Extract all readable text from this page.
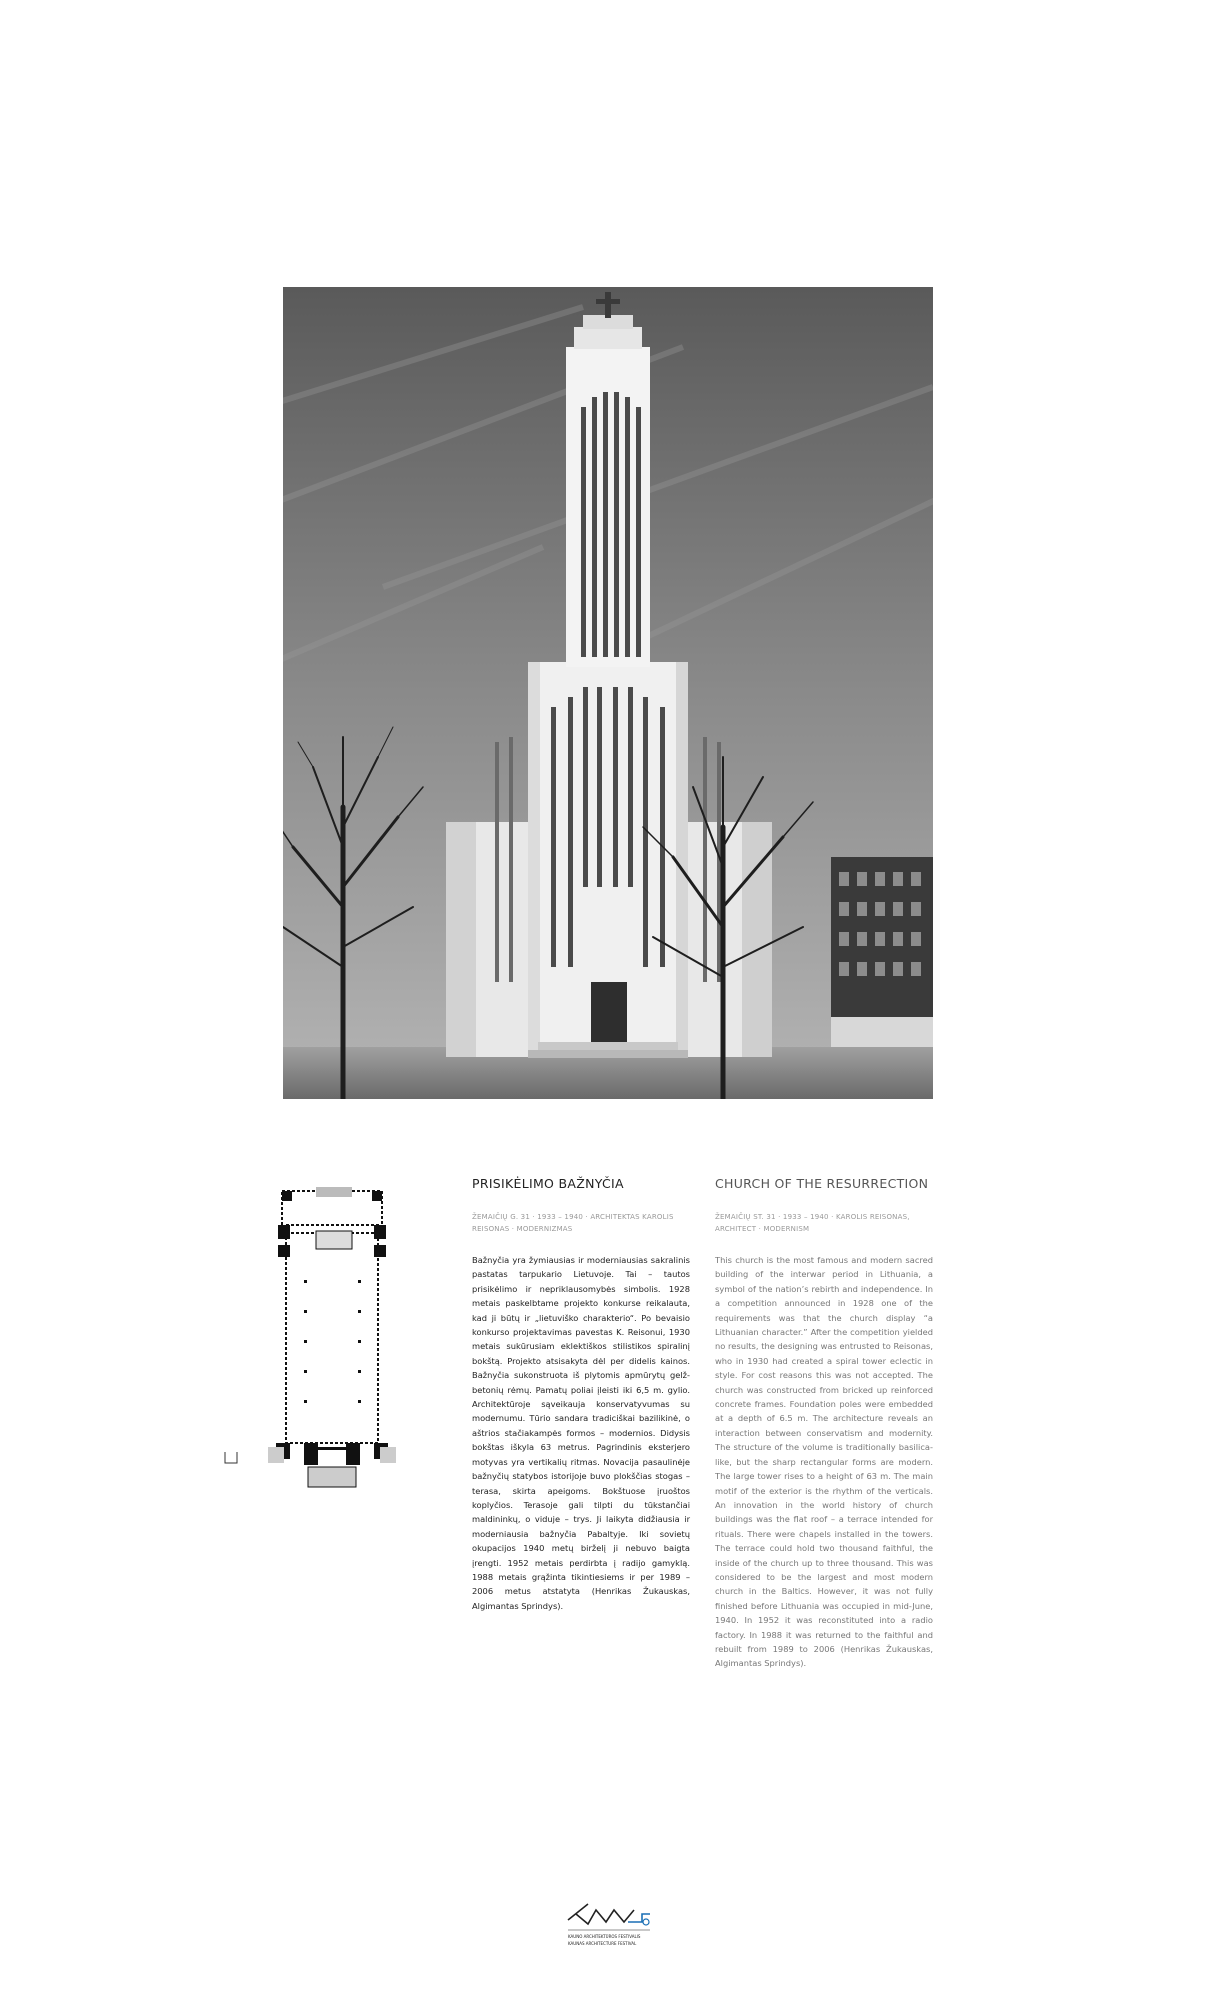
PRISIKĖLIMO BAŽNYČIA
ŽEMAIČIŲ G. 31 · 1933 – 1940 · ARCHITEKTAS KAROLIS REISONAS · MODERNIZMAS
Bažnyčia yra žymiausias ir moderniausias sakralinis pastatas tarpukario Lietuvoje. Tai – tautos prisikėlimo ir nepriklausomybės simbolis. 1928 metais paskelbtame projekto konkurse reikalauta, kad ji būtų ir „lietuviško charakterio“. Po bevaisio konkurso projektavimas pavestas K. Reisonui, 1930 metais sukūrusiam eklektiškos stilistikos spiralinį bokštą. Projekto atsisakyta dėl per didelis kainos. Bažnyčia sukonstruota iš plytomis apmūrytų gelž-betonių rėmų. Pamatų poliai įleisti iki 6,5 m. gylio. Architektūroje sąveikauja konservatyvumas su modernumu. Tūrio sandara tradiciškai bazilikinė, o aštrios stačiakampės formos – modernios. Didysis bokštas iškyla 63 metrus. Pagrindinis eksterjero motyvas yra vertikalių ritmas. Novacija pasaulinėje bažnyčių statybos istorijoje buvo plokščias stogas – terasa, skirta apeigoms. Bokštuose įruoštos koplyčios. Terasoje gali tilpti du tūkstančiai maldininkų, o viduje – trys. Ji laikyta didžiausia ir moderniausia bažnyčia Pabaltyje. Iki sovietų okupacijos 1940 metų birželį ji nebuvo baigta įrengti. 1952 metais perdirbta į radijo gamyklą. 1988 metais grąžinta tikintiesiems ir per 1989 – 2006 metus atstatyta (Henrikas Žukauskas, Algimantas Sprindys).
CHURCH OF THE RESURRECTION
ŽEMAIČIŲ ST. 31 · 1933 – 1940 · KAROLIS REISONAS, ARCHITECT · MODERNISM
This church is the most famous and modern sacred building of the interwar period in Lithuania, a symbol of the nation’s rebirth and independence. In a competition announced in 1928 one of the requirements was that the church display “a Lithuanian character.” After the competition yielded no results, the designing was entrusted to Reisonas, who in 1930 had created a spiral tower eclectic in style. For cost reasons this was not accepted. The church was constructed from bricked up reinforced concrete frames. Foundation poles were embedded at a depth of 6.5 m. The architecture reveals an interaction between conservatism and modernity. The structure of the volume is traditionally basilica-like, but the sharp rectangular forms are modern. The large tower rises to a height of 63 m. The main motif of the exterior is the rhythm of the verticals. An innovation in the world history of church buildings was the flat roof – a terrace intended for rituals. There were chapels installed in the towers. The terrace could hold two thousand faithful, the inside of the church up to three thousand. This was considered to be the largest and most modern church in the Baltics. However, it was not fully finished before Lithuania was occupied in mid-June, 1940. In 1952 it was reconstituted into a radio factory. In 1988 it was returned to the faithful and rebuilt from 1989 to 2006 (Henrikas Žukauskas, Algimantas Sprindys).
KAUNO ARCHITEKTŪROS FESTIVALIS
KAUNAS ARCHITECTURE FESTIVAL
